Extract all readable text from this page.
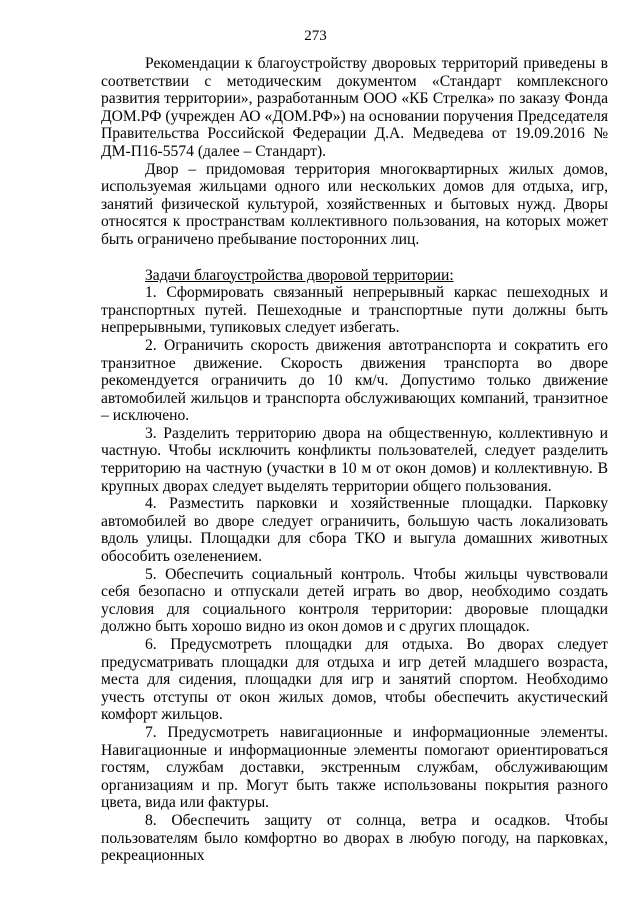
273

Рекомендации к благоустройству дворовых территорий приведены в соответствии с методическим документом «Стандарт комплексного развития территории», разработанным ООО «КБ Стрелка» по заказу Фонда ДОМ.РФ (учрежден АО «ДОМ.РФ») на основании поручения Председателя Правительства Российской Федерации Д.А. Медведева от 19.09.2016 № ДМ-П16-5574 (далее – Стандарт).

Двор – придомовая территория многоквартирных жилых домов, используемая жильцами одного или нескольких домов для отдыха, игр, занятий физической культурой, хозяйственных и бытовых нужд. Дворы относятся к пространствам коллективного пользования, на которых может быть ограничено пребывание посторонних лиц.

Задачи благоустройства дворовой территории:

1. Сформировать связанный непрерывный каркас пешеходных и транспортных путей. Пешеходные и транспортные пути должны быть непрерывными, тупиковых следует избегать.

2. Ограничить скорость движения автотранспорта и сократить его транзитное движение. Скорость движения транспорта во дворе рекомендуется ограничить до 10 км/ч. Допустимо только движение автомобилей жильцов и транспорта обслуживающих компаний, транзитное – исключено.

3. Разделить территорию двора на общественную, коллективную и частную. Чтобы исключить конфликты пользователей, следует разделить территорию на частную (участки в 10 м от окон домов) и коллективную. В крупных дворах следует выделять территории общего пользования.

4. Разместить парковки и хозяйственные площадки. Парковку автомобилей во дворе следует ограничить, большую часть локализовать вдоль улицы. Площадки для сбора ТКО и выгула домашних животных обособить озеленением.

5. Обеспечить социальный контроль. Чтобы жильцы чувствовали себя безопасно и отпускали детей играть во двор, необходимо создать условия для социального контроля территории: дворовые площадки должно быть хорошо видно из окон домов и с других площадок.

6. Предусмотреть площадки для отдыха. Во дворах следует предусматривать площадки для отдыха и игр детей младшего возраста, места для сидения, площадки для игр и занятий спортом. Необходимо учесть отступы от окон жилых домов, чтобы обеспечить акустический комфорт жильцов.

7. Предусмотреть навигационные и информационные элементы. Навигационные и информационные элементы помогают ориентироваться гостям, службам доставки, экстренным службам, обслуживающим организациям и пр. Могут быть также использованы покрытия разного цвета, вида или фактуры.

8. Обеспечить защиту от солнца, ветра и осадков. Чтобы пользователям было комфортно во дворах в любую погоду, на парковках, рекреационных
